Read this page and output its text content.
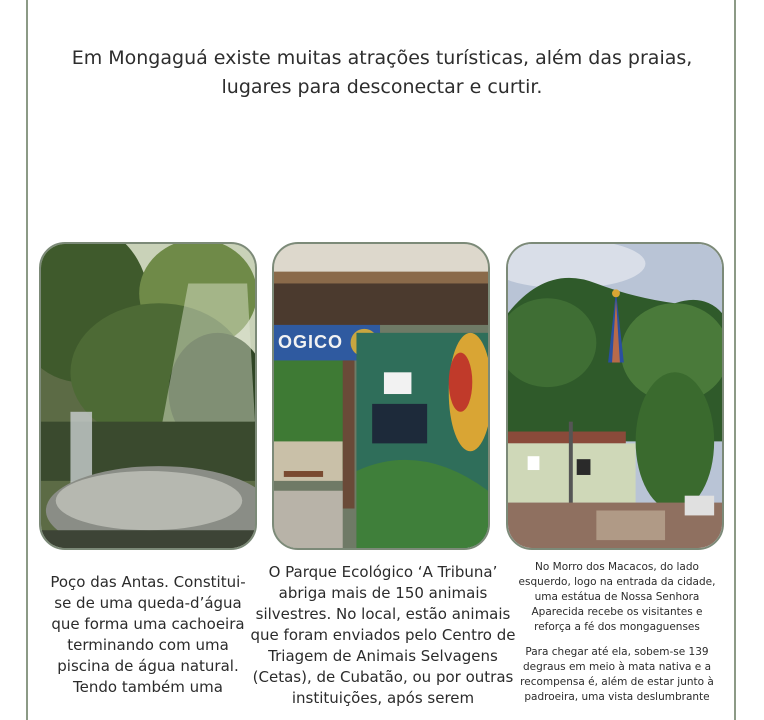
Em Mongaguá existe muitas atrações turísticas, além das praias, lugares para desconectar e curtir.
OGICO
Poço das Antas. Constitui-se de uma queda-d’água que forma uma cachoeira terminando com uma piscina de água natural. Tendo também uma
O Parque Ecológico ‘A Tribuna’ abriga mais de 150 animais silvestres. No local, estão animais que foram enviados pelo Centro de Triagem de Animais Selvagens (Cetas), de Cubatão, ou por outras instituições, após serem

No Morro dos Macacos, do lado esquerdo, logo na entrada da cidade, uma estátua de Nossa Senhora Aparecida recebe os visitantes e reforça a fé dos mongaguenses

Para chegar até ela, sobem-se 139 degraus em meio à mata nativa e a recompensa é, além de estar junto à padroeira, uma vista deslumbrante
